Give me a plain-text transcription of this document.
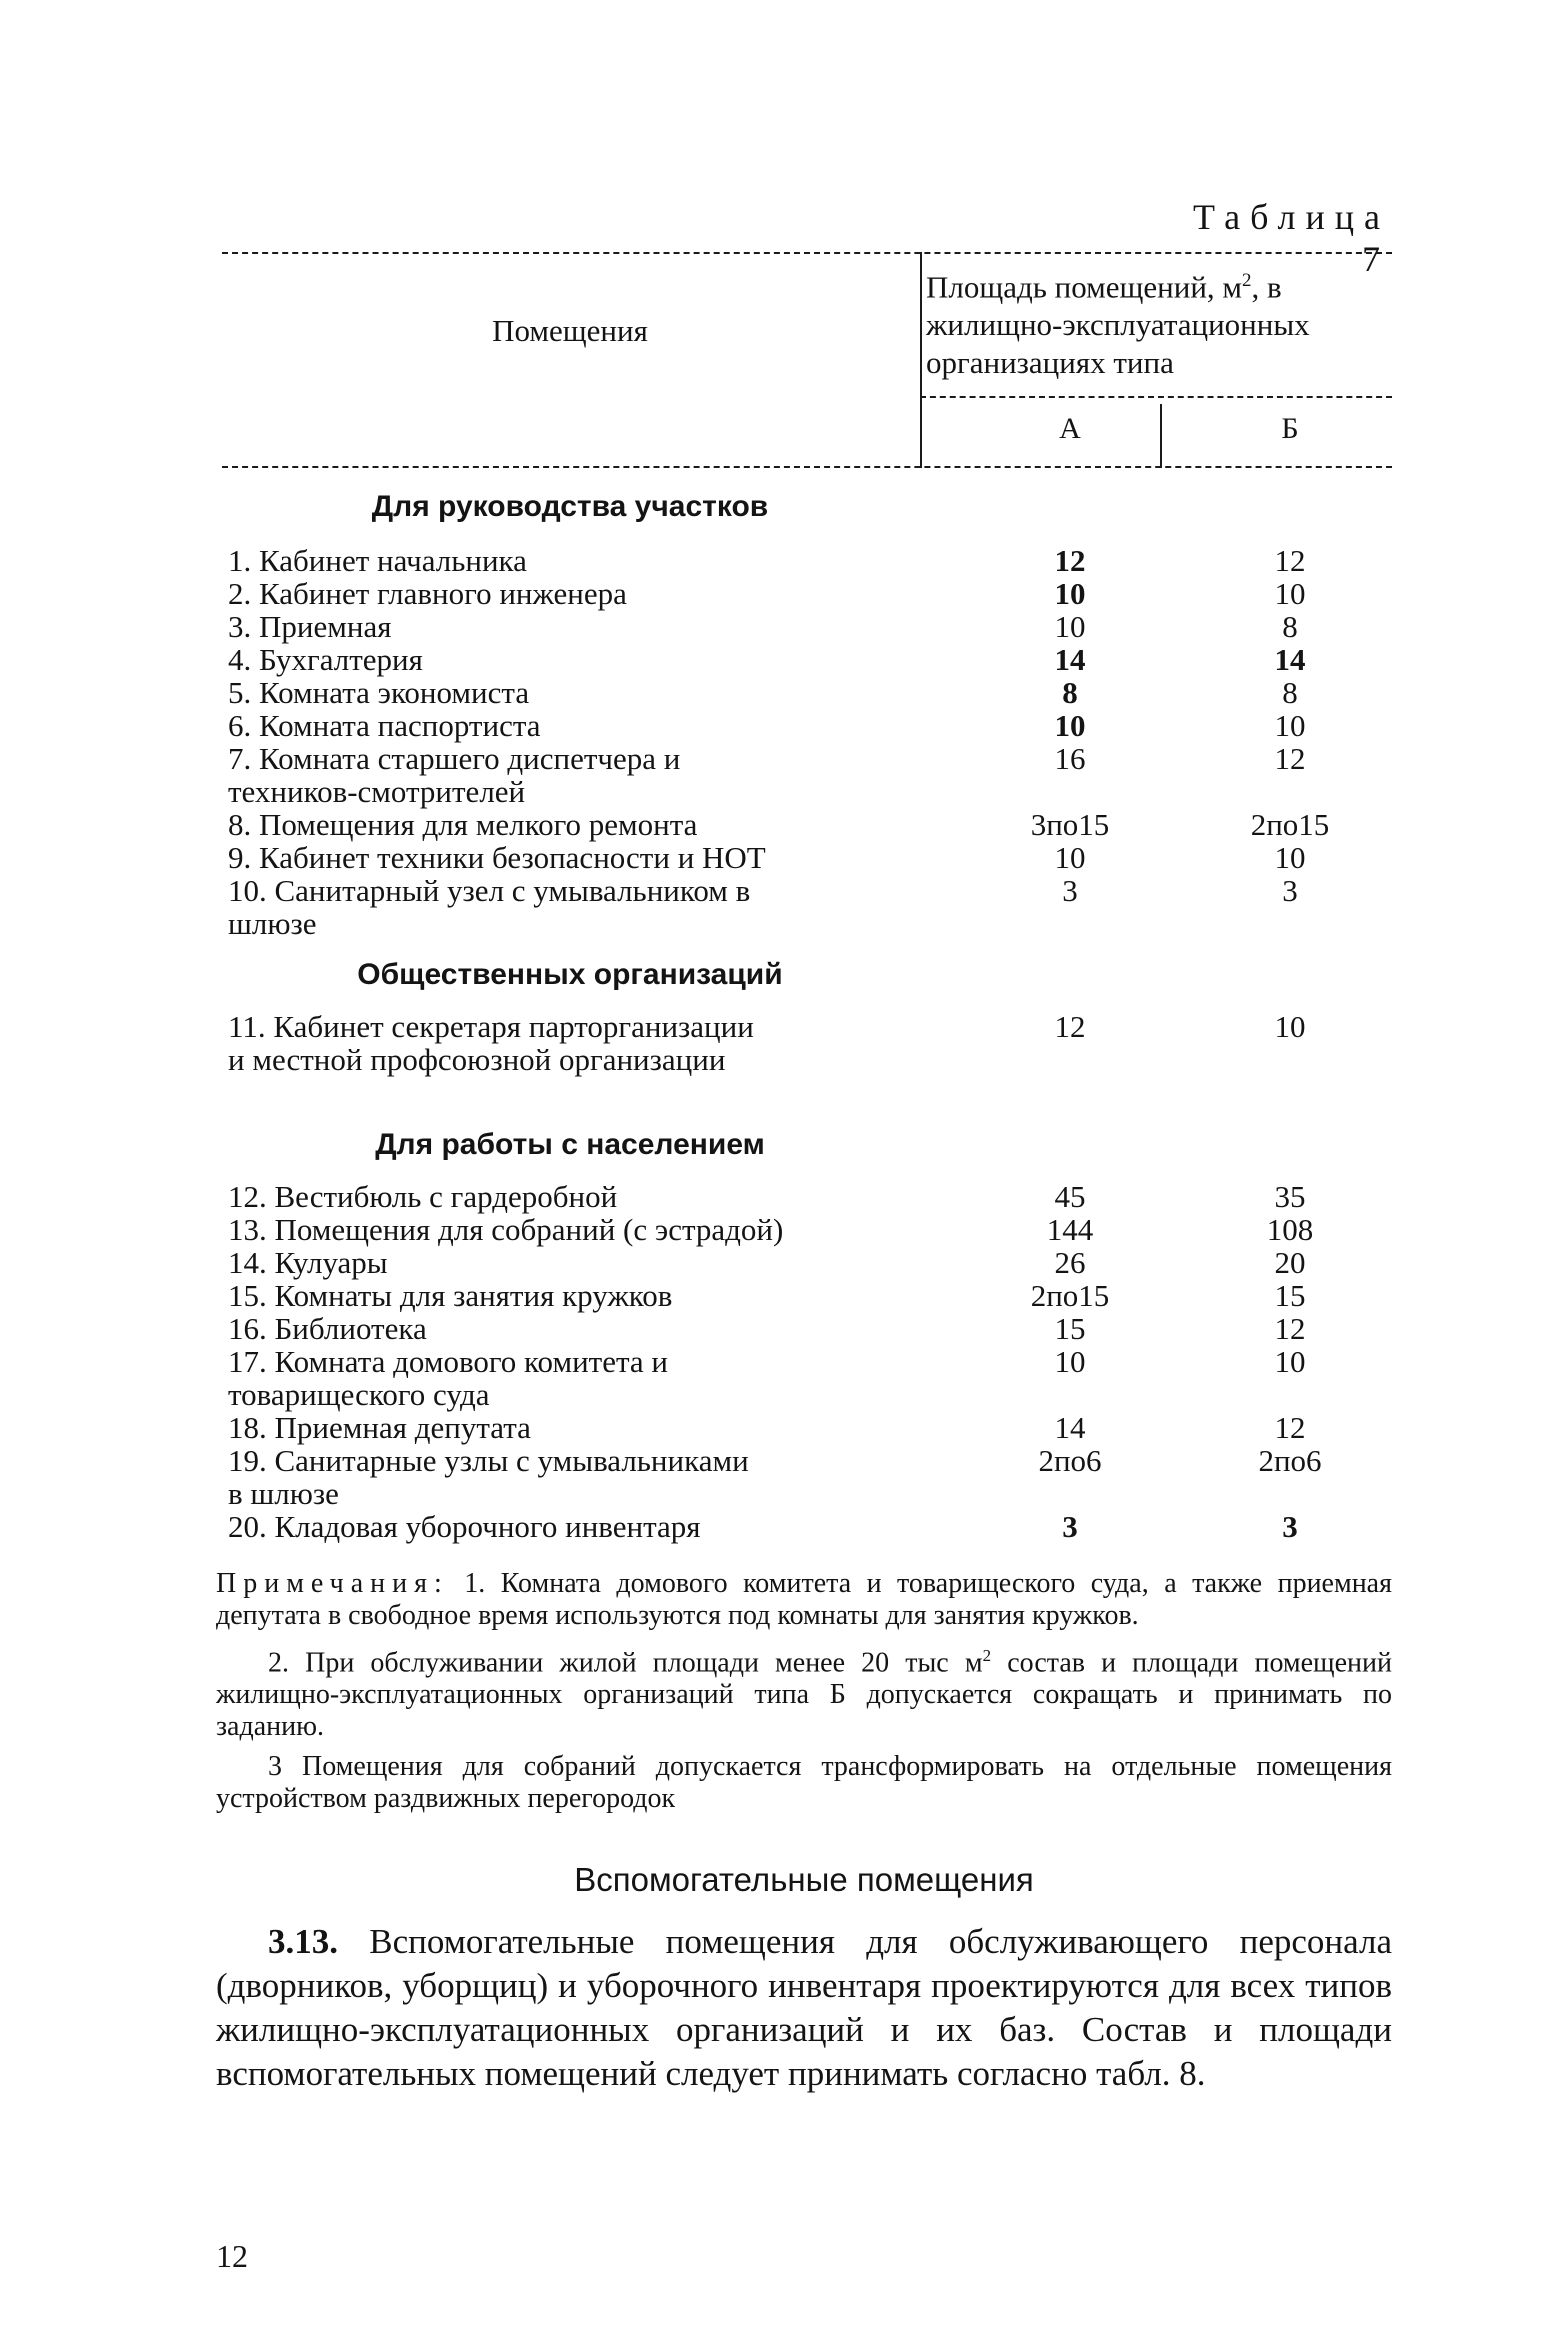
Таблица 7
Помещения
Площадь помещений, $м^2$, в
жилищно-эксплуатационных
организациях типа
А	Б
Для руководства участков
1. Кабинет начальника	12	12
2. Кабинет главного инженера	10	10
3. Приемная	10	8
4. Бухгалтерия	14	14
5. Комната экономиста	8	8
6. Комната паспортиста	10	10
7. Комната старшего диспетчера и
техников-смотрителей
16	12
8. Помещения для мелкого ремонта	3по15	2по15
9. Кабинет техники безопасности и НОТ	10	10
10. Санитарный узел с умывальником в
шлюзе
3	3
Общественных организаций
11. Кабинет секретаря парторганизации
и местной профсоюзной организации
12	10
Для работы с населением
12. Вестибюль с гардеробной	45	35
13. Помещения для собраний (с эстрадой)	144	108
14. Кулуары	26	20
15. Комнаты для занятия кружков	2по15	15
16. Библиотека	15	12
17. Комната домового комитета и
товарищеского суда
10	10
18. Приемная депутата	14	12
19. Санитарные узлы с умывальниками
в шлюзе
2по6	2по6
20. Кладовая уборочного инвентаря	3	3

Примечания: 1. Комната домового комитета и товарищеского суда, а также приемная депутата в свободное время используются под комнаты для занятия кружков.

2. При обслуживании жилой площади менее 20 тыс $м^2$ состав и площади помещений жилищно-эксплуатационных организаций типа Б допускается сокращать и принимать по заданию.

3 Помещения для собраний допускается трансформировать на отдельные помещения устройством раздвижных перегородок

Вспомогательные помещения

3.13. Вспомогательные помещения для обслуживающего персонала (дворников, уборщиц) и уборочного инвентаря проектируются для всех типов жилищно-эксплуатационных организаций и их баз. Состав и площади вспомогательных помещений следует принимать согласно табл. 8.

12
